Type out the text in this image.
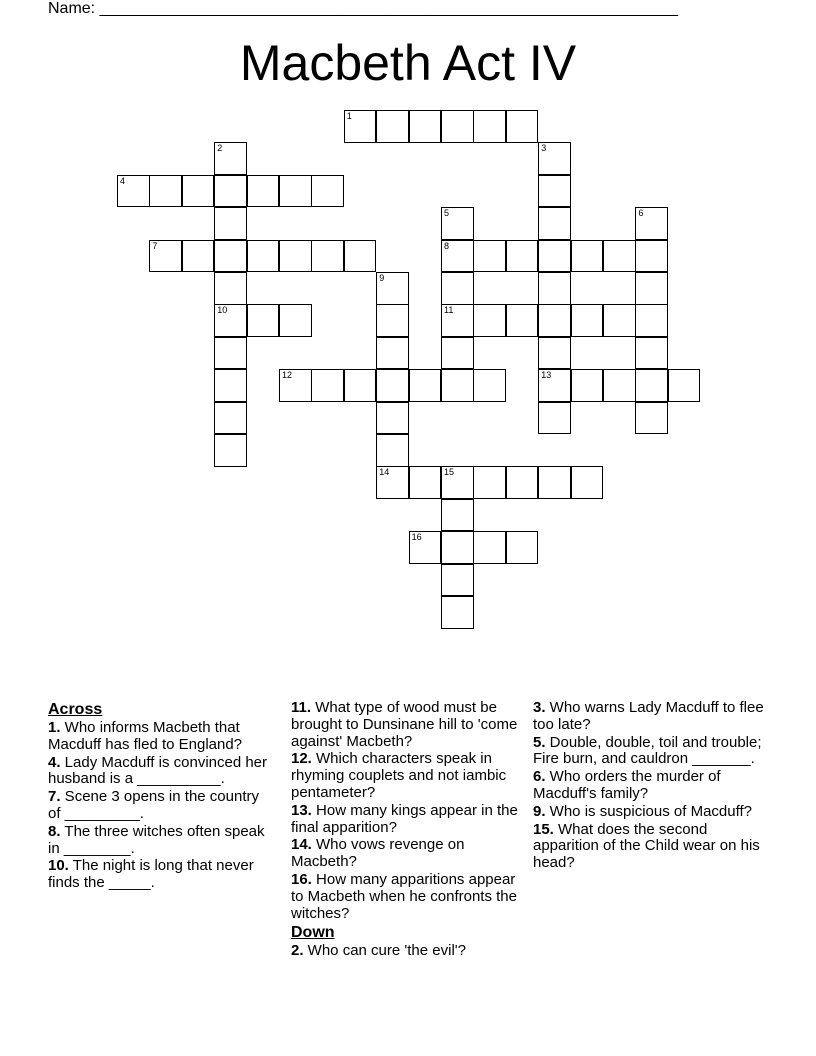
Name: _________________________________________________________________
Macbeth Act IV
1
2
10
3
13
4
5
8
11
6
7
9
14
12
15
16
Across
1. Who informs Macbeth that Macduff has fled to England?
4. Lady Macduff is convinced her husband is a __________.
7. Scene 3 opens in the country of _________.
8. The three witches often speak in ________.
10. The night is long that never finds the _____.
11. What type of wood must be brought to Dunsinane hill to 'come against' Macbeth?
12. Which characters speak in rhyming couplets and not iambic pentameter?
13. How many kings appear in the final apparition?
14. Who vows revenge on Macbeth?
16. How many apparitions appear to Macbeth when he confronts the witches?
Down
2. Who can cure 'the evil'?
3. Who warns Lady Macduff to flee too late?
5. Double, double, toil and trouble; Fire burn, and cauldron _______.
6. Who orders the murder of Macduff's family?
9. Who is suspicious of Macduff?
15. What does the second apparition of the Child wear on his head?
